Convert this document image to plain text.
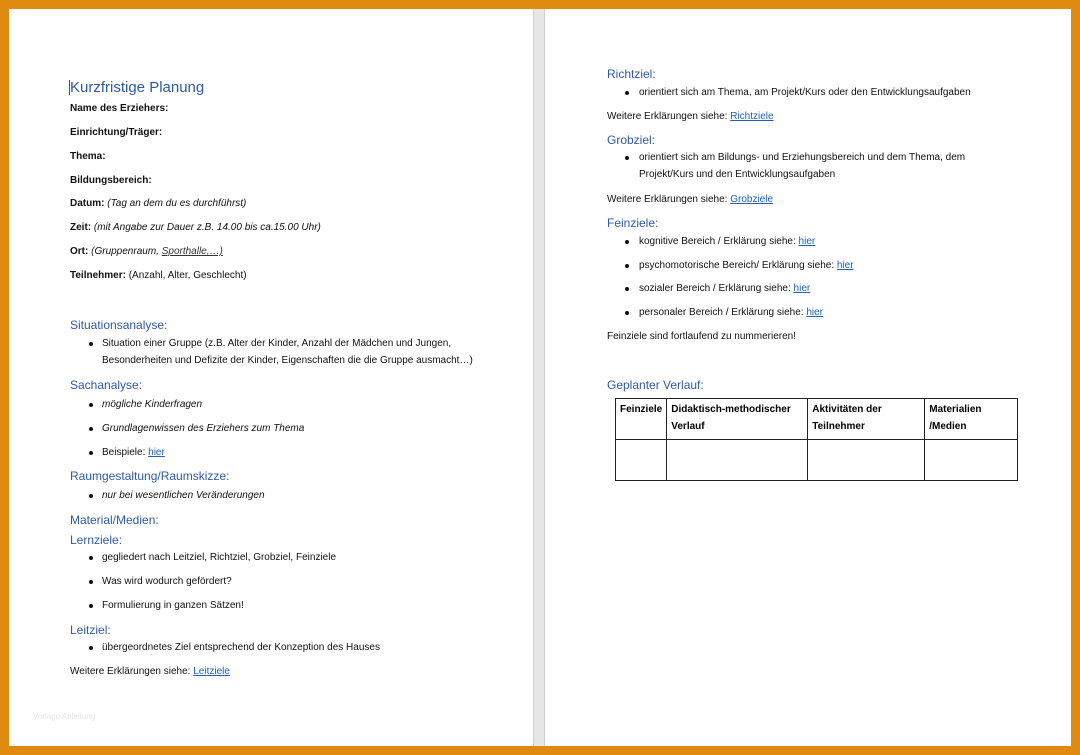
Kurzfristige Planung
Name des Erziehers:
Einrichtung/Träger:
Thema:
Bildungsbereich:
Datum: (Tag an dem du es durchführst)
Zeit: (mit Angabe zur Dauer z.B. 14.00 bis ca.15.00 Uhr)
Ort: (Gruppenraum, Sporthalle,…)
Teilnehmer: (Anzahl, Alter, Geschlecht)
Situationsanalyse:
Situation einer Gruppe (z.B. Alter der Kinder, Anzahl der Mädchen und Jungen,
Besonderheiten und Defizite der Kinder, Eigenschaften die die Gruppe ausmacht…)
Sachanalyse:
mögliche Kinderfragen
Grundlagenwissen des Erziehers zum Thema
Beispiele: hier
Raumgestaltung/Raumskizze:
nur bei wesentlichen Veränderungen
Material/Medien:
Lernziele:
gegliedert nach Leitziel, Richtziel, Grobziel, Feinziele
Was wird wodurch gefördert?
Formulierung in ganzen Sätzen!
Leitziel:
übergeordnetes Ziel entsprechend der Konzeption des Hauses
Weitere Erklärungen siehe: Leitziele
Vorlage Anleitung
Richtziel:
orientiert sich am Thema, am Projekt/Kurs oder den Entwicklungsaufgaben
Weitere Erklärungen siehe: Richtziele
Grobziel:
orientiert sich am Bildungs- und Erziehungsbereich und dem Thema, dem
Projekt/Kurs und den Entwicklungsaufgaben
Weitere Erklärungen siehe: Grobziele
Feinziele:
kognitive Bereich / Erklärung siehe: hier
psychomotorische Bereich/ Erklärung siehe: hier
sozialer Bereich / Erklärung siehe: hier
personaler Bereich / Erklärung siehe: hier
Feinziele sind fortlaufend zu nummerieren!
Geplanter Verlauf:
Feinziele	Didaktisch-methodischer Verlauf	Aktivitäten der Teilnehmer	Materialien /Medien
